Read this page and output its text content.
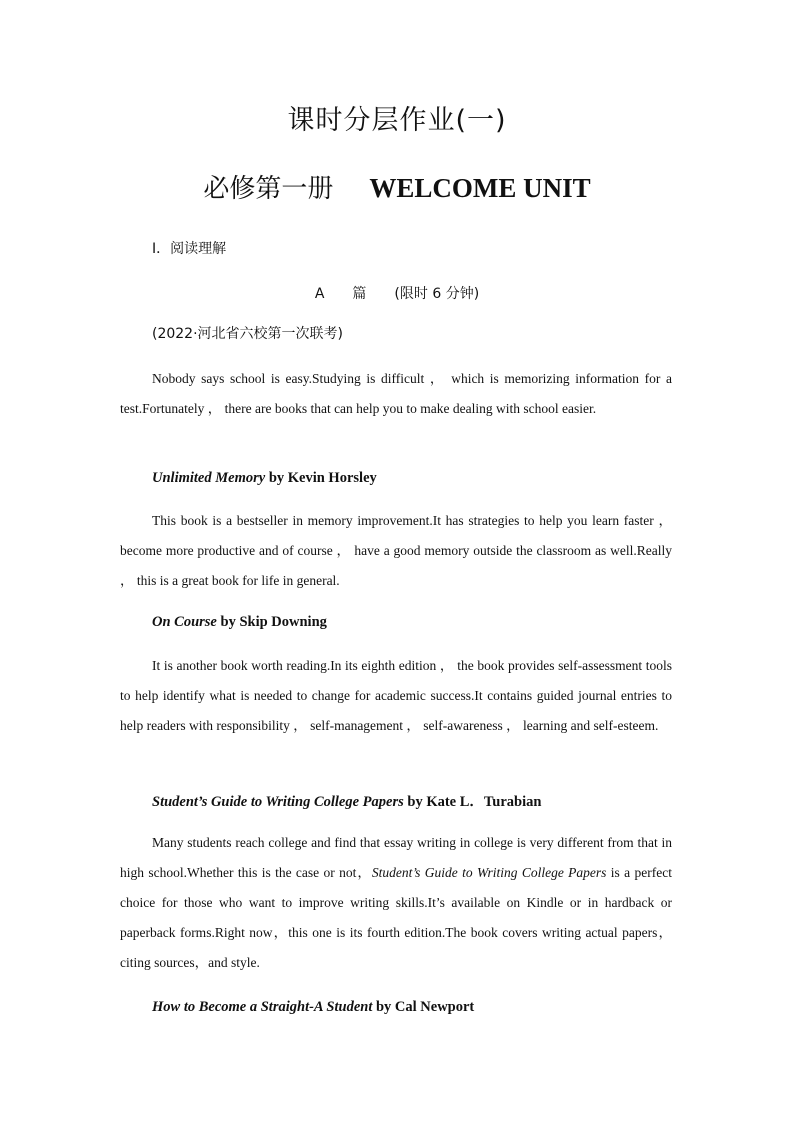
课时分层作业(一)
必修第一册 WELCOME UNIT
Ⅰ．阅读理解
A 篇 (限时 6 分钟)
(2022·河北省六校第一次联考)

Nobody says school is easy.Studying is difficult ， which is memorizing information for a test.Fortunately ， there are books that can help you to make dealing with school easier.

Unlimited Memory by Kevin Horsley

This book is a bestseller in memory improvement.It has strategies to help you learn faster ， become more productive and of course ， have a good memory outside the classroom as well.Really ， this is a great book for life in general.

On Course by Skip Downing

It is another book worth reading.In its eighth edition ， the book provides self-assessment tools to help identify what is needed to change for academic success.It contains guided journal entries to help readers with responsibility ， self-management ， self-awareness ， learning and self-esteem.

Student’s Guide to Writing College Papers by Kate L．Turabian

Many students reach college and find that essay writing in college is very different from that in high school.Whether this is the case or not，Student’s Guide to Writing College Papers is a perfect choice for those who want to improve writing skills.It’s available on Kindle or in hardback or paperback forms.Right now，this one is its fourth edition.The book covers writing actual papers，citing sources，and style.

How to Become a Straight-A Student by Cal Newport
